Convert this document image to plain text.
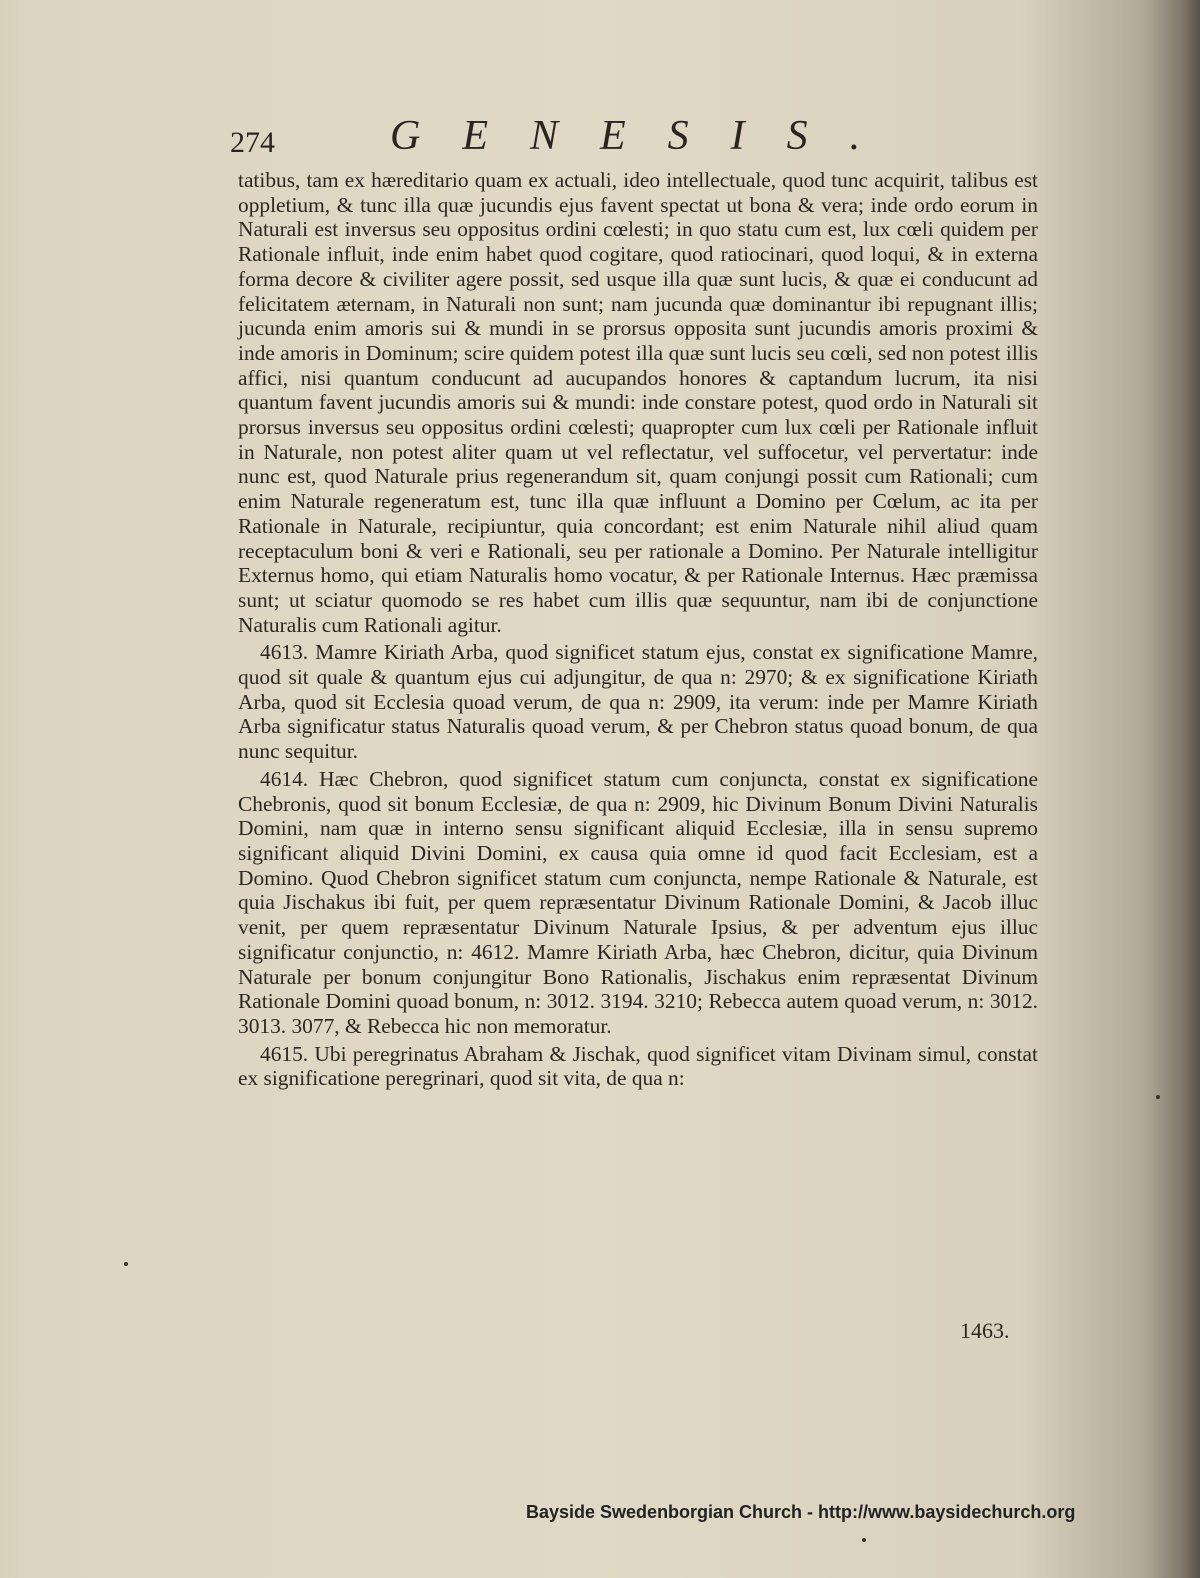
274	GENESIS.

tatibus, tam ex hæreditario quam ex actuali, ideo intellectuale, quod tunc acquirit, talibus est oppletium, & tunc illa quæ jucundis ejus favent spectat ut bona & vera; inde ordo eorum in Naturali est inversus seu oppositus ordini cœlesti; in quo statu cum est, lux cœli quidem per Rationale influit, inde enim habet quod cogitare, quod ratiocinari, quod loqui, & in externa forma decore & civiliter agere possit, sed usque illa quæ sunt lucis, & quæ ei conducunt ad felicitatem æternam, in Naturali non sunt; nam jucunda quæ dominantur ibi repugnant illis; jucunda enim amoris sui & mundi in se prorsus opposita sunt jucundis amoris proximi & inde amoris in Dominum; scire quidem potest illa quæ sunt lucis seu cœli, sed non potest illis affici, nisi quantum conducunt ad aucupandos honores & captandum lucrum, ita nisi quantum favent jucundis amoris sui & mundi: inde constare potest, quod ordo in Naturali sit prorsus inversus seu oppositus ordini cœlesti; quapropter cum lux cœli per Rationale influit in Naturale, non potest aliter quam ut vel reflectatur, vel suffocetur, vel pervertatur: inde nunc est, quod Naturale prius regenerandum sit, quam conjungi possit cum Rationali; cum enim Naturale regeneratum est, tunc illa quæ influunt a Domino per Cœlum, ac ita per Rationale in Naturale, recipiuntur, quia concordant; est enim Naturale nihil aliud quam receptaculum boni & veri e Rationali, seu per rationale a Domino. Per Naturale intelligitur Externus homo, qui etiam Naturalis homo vocatur, & per Rationale Internus. Hæc præmissa sunt; ut sciatur quomodo se res habet cum illis quæ sequuntur, nam ibi de conjunctione Naturalis cum Rationali agitur.

4613. Mamre Kiriath Arba, quod significet statum ejus, constat ex significatione Mamre, quod sit quale & quantum ejus cui adjungitur, de qua n: 2970; & ex significatione Kiriath Arba, quod sit Ecclesia quoad verum, de qua n: 2909, ita verum: inde per Mamre Kiriath Arba significatur status Naturalis quoad verum, & per Chebron status quoad bonum, de qua nunc sequitur.

4614. Hæc Chebron, quod significet statum cum conjuncta, constat ex significatione Chebronis, quod sit bonum Ecclesiæ, de qua n: 2909, hic Divinum Bonum Divini Naturalis Domini, nam quæ in interno sensu significant aliquid Ecclesiæ, illa in sensu supremo significant aliquid Divini Domini, ex causa quia omne id quod facit Ecclesiam, est a Domino. Quod Chebron significet statum cum conjuncta, nempe Rationale & Naturale, est quia Jischakus ibi fuit, per quem repræsentatur Divinum Rationale Domini, & Jacob illuc venit, per quem repræsentatur Divinum Naturale Ipsius, & per adventum ejus illuc significatur conjunctio, n: 4612. Mamre Kiriath Arba, hæc Chebron, dicitur, quia Divinum Naturale per bonum conjungitur Bono Rationalis, Jischakus enim repræsentat Divinum Rationale Domini quoad bonum, n: 3012. 3194. 3210; Rebecca autem quoad verum, n: 3012. 3013. 3077, & Rebecca hic non memoratur.

4615. Ubi peregrinatus Abraham & Jischak, quod significet vitam Divinam simul, constat ex significatione peregrinari, quod sit vita, de qua n:

1463.
Bayside Swedenborgian Church - http://www.baysidechurch.org
